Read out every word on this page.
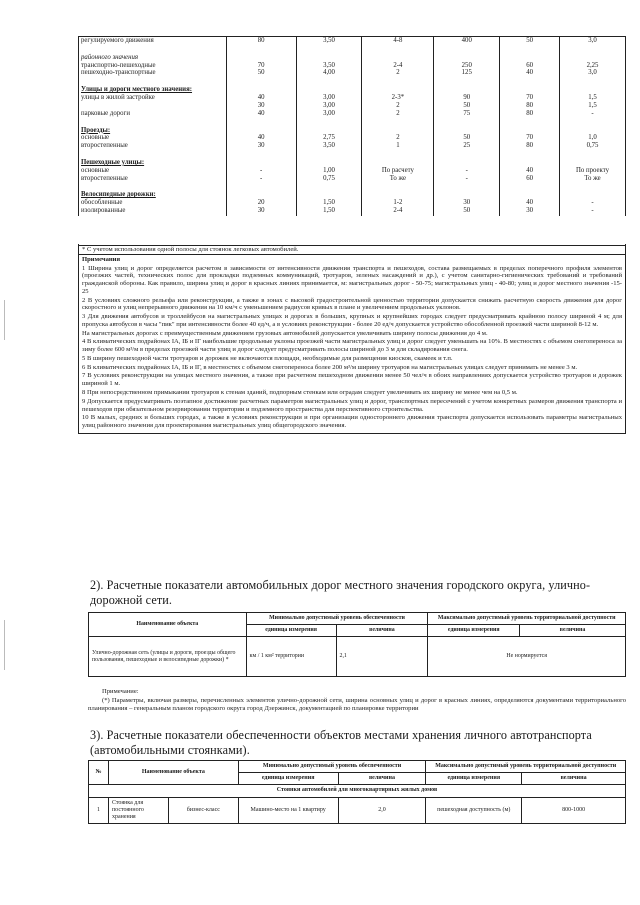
регулируемого движения	80	3,50	4-8	400	50	3,0

районного значения						
транспортно-пешеходные	70	3,50	2-4	250	60	2,25
пешеходно-транспортные	50	4,00	2	125	40	3,0

Улицы и дороги местного значения:						
улицы в жилой застройке	40	3,00	2-3*	90	70	1,5
	30	3,00	2	50	80	1,5
парковые дороги	40	3,00	2	75	80	-

Проезды:						
основные	40	2,75	2	50	70	1,0
второстепенные	30	3,50	1	25	80	0,75

Пешеходные улицы:						
основные	-	1,00	По расчету	-	40	По проекту
второстепенные	-	0,75	То же	-	60	То же

Велосипедные дорожки:						
обособленные	20	1,50	1-2	30	40	-
изолированные	30	1,50	2-4	50	30	-

* С учетом использования одной полосы для стоянок легковых автомобилей.

Примечания

1 Ширина улиц и дорог определяется расчетом в зависимости от интенсивности движения транспорта и пешеходов, состава размещаемых в пределах поперечного профиля элементов (проезжих частей, технических полос для прокладки подземных коммуникаций, тротуаров, зеленых насаждений и др.), с учетом санитарно-гигиенических требований и требований гражданской обороны. Как правило, ширина улиц и дорог в красных линиях принимается, м: магистральных дорог - 50-75; магистральных улиц - 40-80; улиц и дорог местного значения -15-25

2 В условиях сложного рельефа или реконструкции, а также в зонах с высокой градостроительной ценностью территории допускается снижать расчетную скорость движения для дорог скоростного и улиц непрерывного движения на 10 км/ч с уменьшением радиусов кривых в плане и увеличением продольных уклонов.

3 Для движения автобусов и троллейбусов на магистральных улицах и дорогах в больших, крупных и крупнейших городах следует предусматривать крайнюю полосу шириной 4 м; для пропуска автобусов в часы "пик" при интенсивности более 40 ед/ч, а в условиях реконструкции - более 20 ед/ч допускается устройство обособленной проезжей части шириной 8-12 м.

На магистральных дорогах с преимущественным движением грузовых автомобилей допускается увеличивать ширину полосы движения до 4 м.

4 В климатических подрайонах IА, IБ и IГ наибольшие продольные уклоны проезжей части магистральных улиц и дорог следует уменьшать на 10%. В местностях с объемом снегопереноса за зиму более 600 м³/м в пределах проезжей части улиц и дорог следует предусматривать полосы шириной до 3 м для складирования снега.

5 В ширину пешеходной части тротуаров и дорожек не включаются площади, необходимые для размещения киосков, скамеек и т.п.

6 В климатических подрайонах IА, IБ и IГ, в местностях с объемом снегопереноса более 200 м³/м ширину тротуаров на магистральных улицах следует принимать не менее 3 м.

7 В условиях реконструкции на улицах местного значения, а также при расчетном пешеходном движении менее 50 чел/ч в обоих направлениях допускается устройство тротуаров и дорожек шириной 1 м.

8 При непосредственном примыкании тротуаров к стенам зданий, подпорным стенкам или оградам следует увеличивать их ширину не менее чем на 0,5 м.

9 Допускается предусматривать поэтапное достижение расчетных параметров магистральных улиц и дорог, транспортных пересечений с учетом конкретных размеров движения транспорта и пешеходов при обязательном резервировании территории и подземного пространства для перспективного строительства.

10 В малых, средних и больших городах, а также в условиях реконструкции и при организации одностороннего движения транспорта допускается использовать параметры магистральных улиц районного значения для проектирования магистральных улиц общегородского значения.

2). Расчетные показатели автомобильных дорог местного значения городского округа, улично-дорожной сети.
Наименование объекта	Минимально допустимый уровень обеспеченности		Максимально допустимый уровень территориальной доступности	
	единица измерения	величина	единица измерения	величина
Улично-дорожная сеть (улицы и дороги, проезды общего пользования, пешеходные и велосипедные дорожки) *	км / 1 км² территории	2,1	Не нормируется	

Примечание:

(*) Параметры, включая размеры, перечисленных элементов улично-дорожной сети, ширина основных улиц и дорог в красных линиях, определяются документами территориального планирования – генеральным планом городского округа город Дзержинск, документацией по планировке территории

3). Расчетные показатели обеспеченности объектов местами хранения личного автотранспорта (автомобильными стоянками).
№	Наименование объекта		Минимально допустимый уровень обеспеченности		Максимально допустимый уровень территориальной доступности	
			единица измерения	величина	единица измерения	величина
Стоянки автомобилей для многоквартирных жилых домов						
1	Стоянка для постоянного хранения	бизнес-класс	Машино-место на 1 квартиру	2,0	пешеходная доступность (м)	800-1000
